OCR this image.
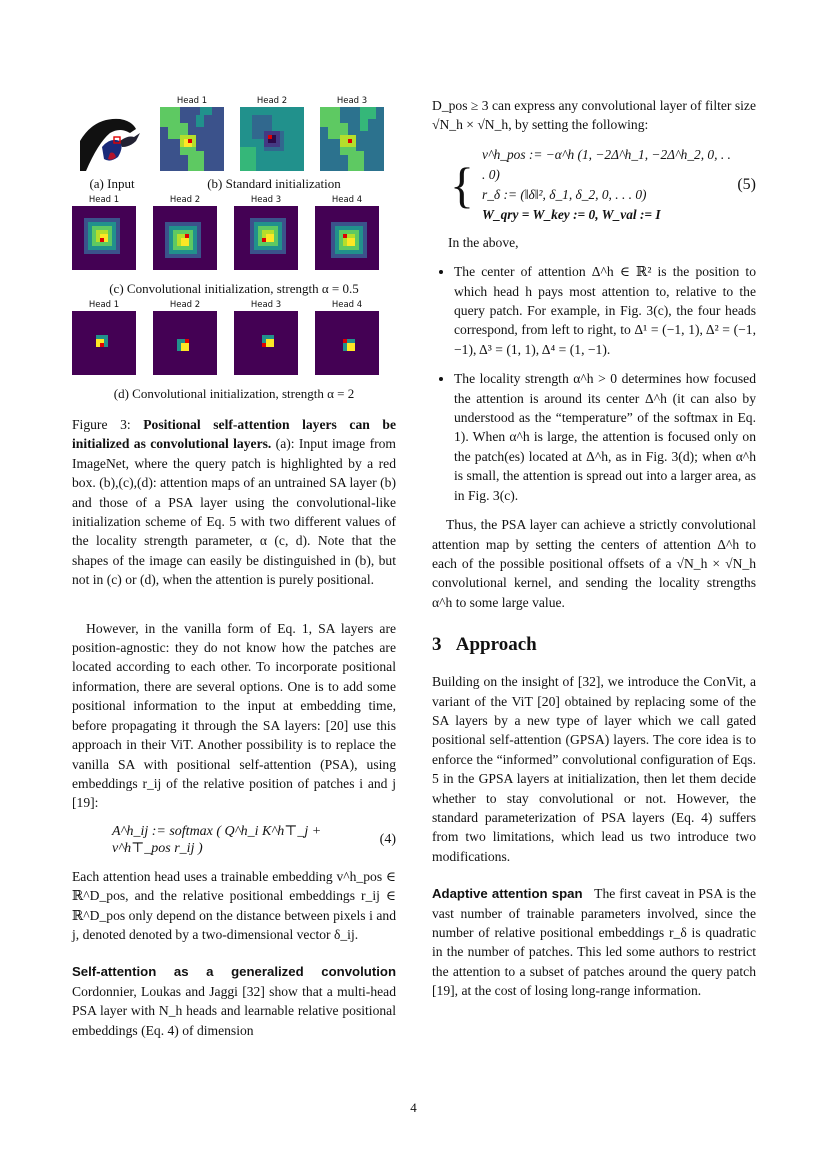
Head 1	Head 2	Head 3
(a) Input	(b) Standard initialization
Head 1	Head 2	Head 3	Head 4
(c) Convolutional initialization, strength α = 0.5
Head 1	Head 2	Head 3	Head 4
(d) Convolutional initialization, strength α = 2

Figure 3: Positional self-attention layers can be initialized as convolutional layers. (a): Input image from ImageNet, where the query patch is highlighted by a red box. (b),(c),(d): attention maps of an untrained SA layer (b) and those of a PSA layer using the convolutional-like initialization scheme of Eq. 5 with two different values of the locality strength parameter, α (c, d). Note that the shapes of the image can easily be distinguished in (b), but not in (c) or (d), when the attention is purely positional.

However, in the vanilla form of Eq. 1, SA layers are position-agnostic: they do not know how the patches are located according to each other. To incorporate positional information, there are several options. One is to add some positional information to the input at embedding time, before propagating it through the SA layers: [20] use this approach in their ViT. Another possibility is to replace the vanilla SA with positional self-attention (PSA), using embeddings r_ij of the relative position of patches i and j [19]:

A^h_ij := softmax ( Q^h_i K^h⊤_j + v^h⊤_pos r_ij )
(4)

Each attention head uses a trainable embedding v^h_pos ∈ ℝ^D_pos, and the relative positional embeddings r_ij ∈ ℝ^D_pos only depend on the distance between pixels i and j, denoted denoted by a two-dimensional vector δ_ij.

Self-attention as a generalized convolution Cordonnier, Loukas and Jaggi [32] show that a multi-head PSA layer with N_h heads and learnable relative positional embeddings (Eq. 4) of dimension

D_pos ≥ 3 can express any convolutional layer of filter size √N_h × √N_h, by setting the following:

{
v^h_pos := −α^h (1, −2Δ^h_1, −2Δ^h_2, 0, . . . 0)
r_δ := (‖δ‖², δ_1, δ_2, 0, . . . 0)
W_qry = W_key := 0, W_val := I
(5)

In the above,

• The center of attention Δ^h ∈ ℝ² is the position to which head h pays most attention to, relative to the query patch. For example, in Fig. 3(c), the four heads correspond, from left to right, to Δ¹ = (−1, 1), Δ² = (−1, −1), Δ³ = (1, 1), Δ⁴ = (1, −1).
• The locality strength α^h > 0 determines how focused the attention is around its center Δ^h (it can also by understood as the “temperature” of the softmax in Eq. 1). When α^h is large, the attention is focused only on the patch(es) located at Δ^h, as in Fig. 3(d); when α^h is small, the attention is spread out into a larger area, as in Fig. 3(c).

Thus, the PSA layer can achieve a strictly convolutional attention map by setting the centers of attention Δ^h to each of the possible positional offsets of a √N_h × √N_h convolutional kernel, and sending the locality strengths α^h to some large value.

3 Approach

Building on the insight of [32], we introduce the ConVit, a variant of the ViT [20] obtained by replacing some of the SA layers by a new type of layer which we call gated positional self-attention (GPSA) layers. The core idea is to enforce the “informed” convolutional configuration of Eqs. 5 in the GPSA layers at initialization, then let them decide whether to stay convolutional or not. However, the standard parameterization of PSA layers (Eq. 4) suffers from two limitations, which lead us two introduce two modifications.

Adaptive attention span The first caveat in PSA is the vast number of trainable parameters involved, since the number of relative positional embeddings r_δ is quadratic in the number of patches. This led some authors to restrict the attention to a subset of patches around the query patch [19], at the cost of losing long-range information.

4
